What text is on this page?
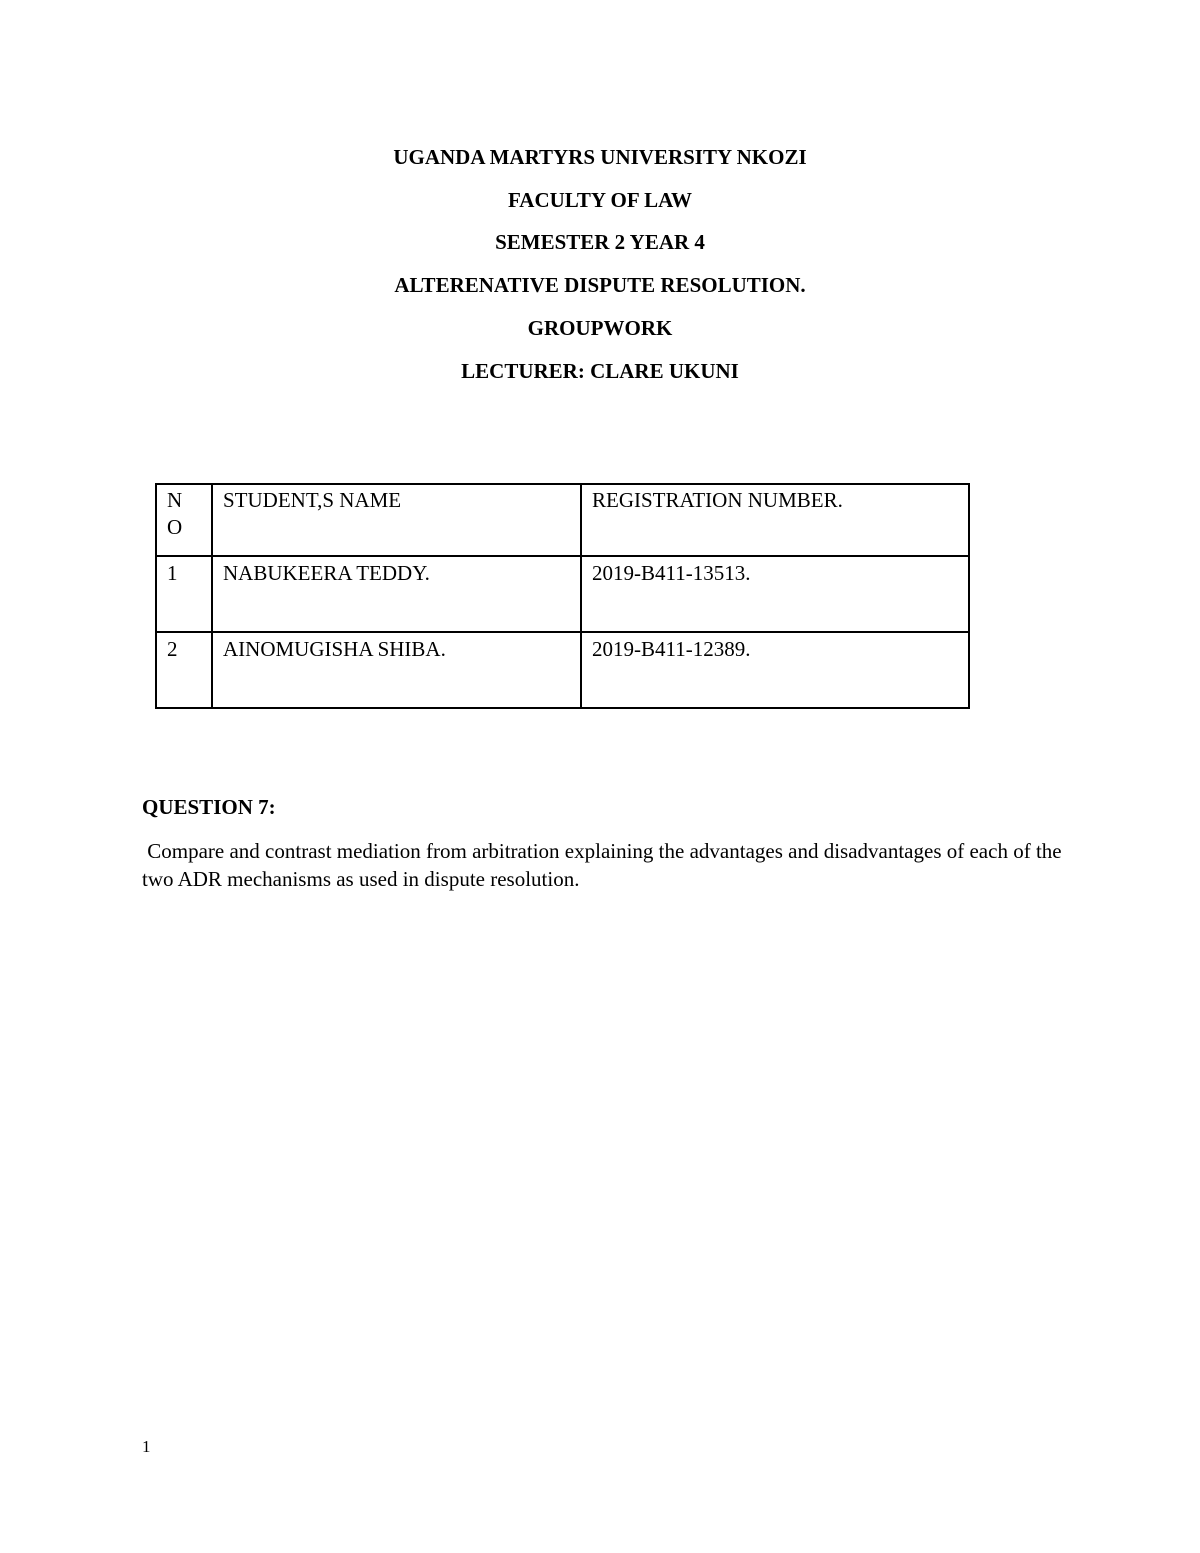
UGANDA MARTYRS UNIVERSITY NKOZI
FACULTY OF LAW
SEMESTER 2 YEAR 4
ALTERENATIVE DISPUTE RESOLUTION.
GROUPWORK
LECTURER: CLARE UKUNI
N O	STUDENT,S NAME	REGISTRATION NUMBER.
1	NABUKEERA TEDDY.	2019-B411-13513.
2	AINOMUGISHA SHIBA.	2019-B411-12389.
QUESTION 7:
Compare and contrast mediation from arbitration explaining the advantages and disadvantages of each of the two ADR mechanisms as used in dispute resolution.
1
